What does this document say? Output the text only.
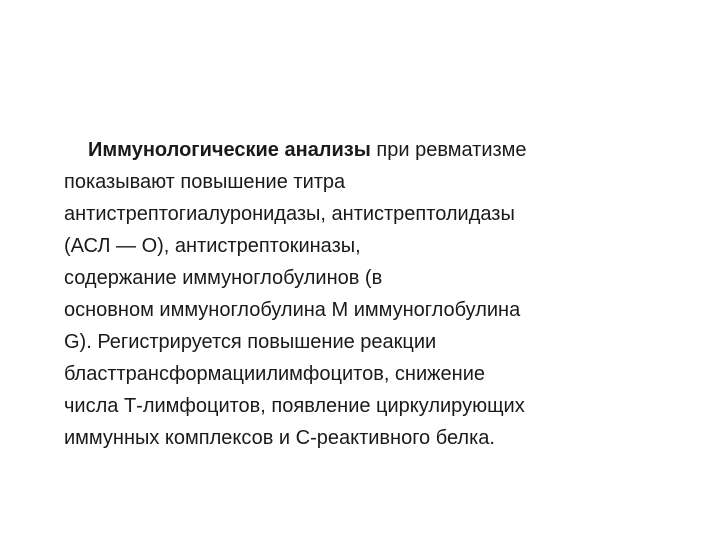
Иммунологические анализы при ревматизме
показывают повышение титра
антистрептогиалуронидазы, антистрептолидазы
(АСЛ — О), антистрептокиназы,
содержание иммуноглобулинов (в
основном иммуноглобулина М иммуноглобулина
G). Регистрируется повышение реакции
бласттрансформациилимфоцитов, снижение
числа Т-лимфоцитов, появление циркулирующих
иммунных комплексов и С-реактивного белка.
